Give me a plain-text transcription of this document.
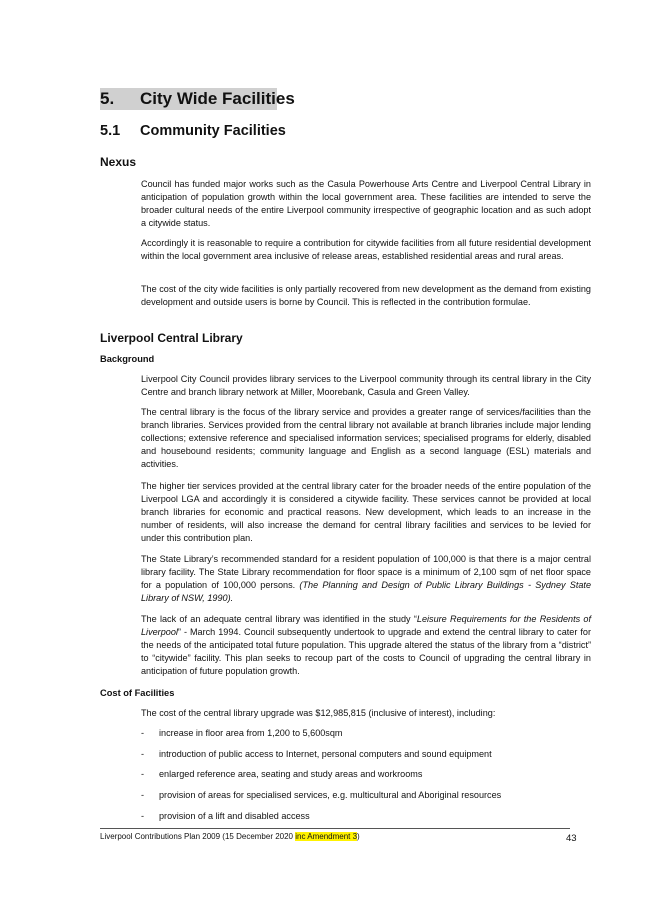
5. City Wide Facilities
5.1 Community Facilities
Nexus

Council has funded major works such as the Casula Powerhouse Arts Centre and Liverpool Central Library in anticipation of population growth within the local government area. These facilities are intended to serve the broader cultural needs of the entire Liverpool community irrespective of geographic location and as such adopt a citywide status.

Accordingly it is reasonable to require a contribution for citywide facilities from all future residential development within the local government area inclusive of release areas, established residential areas and rural areas.

The cost of the city wide facilities is only partially recovered from new development as the demand from existing development and outside users is borne by Council. This is reflected in the contribution formulae.

Liverpool Central Library
Background

Liverpool City Council provides library services to the Liverpool community through its central library in the City Centre and branch library network at Miller, Moorebank, Casula and Green Valley.

The central library is the focus of the library service and provides a greater range of services/facilities than the branch libraries. Services provided from the central library not available at branch libraries include major lending collections; extensive reference and specialised information services; specialised programs for elderly, disabled and housebound residents; community language and English as a second language (ESL) materials and activities.

The higher tier services provided at the central library cater for the broader needs of the entire population of the Liverpool LGA and accordingly it is considered a citywide facility. These services cannot be provided at local branch libraries for economic and practical reasons. New development, which leads to an increase in the number of residents, will also increase the demand for central library facilities and services to be levied for under this contribution plan.

The State Library’s recommended standard for a resident population of 100,000 is that there is a major central library facility. The State Library recommendation for floor space is a minimum of 2,100 sqm of net floor space for a population of 100,000 persons. (The Planning and Design of Public Library Buildings - Sydney State Library of NSW, 1990).

The lack of an adequate central library was identified in the study “Leisure Requirements for the Residents of Liverpool” - March 1994. Council subsequently undertook to upgrade and extend the central library to cater for the needs of the anticipated total future population. This upgrade altered the status of the library from a “district” to “citywide” facility. This plan seeks to recoup part of the costs to Council of upgrading the central library in anticipation of future population growth.

Cost of Facilities

The cost of the central library upgrade was $12,985,815 (inclusive of interest), including:

- increase in floor area from 1,200 to 5,600sqm
- introduction of public access to Internet, personal computers and sound equipment
- enlarged reference area, seating and study areas and workrooms
- provision of areas for specialised services, e.g. multicultural and Aboriginal resources
- provision of a lift and disabled access
Liverpool Contributions Plan 2009 (15 December 2020 inc Amendment 3)	43
